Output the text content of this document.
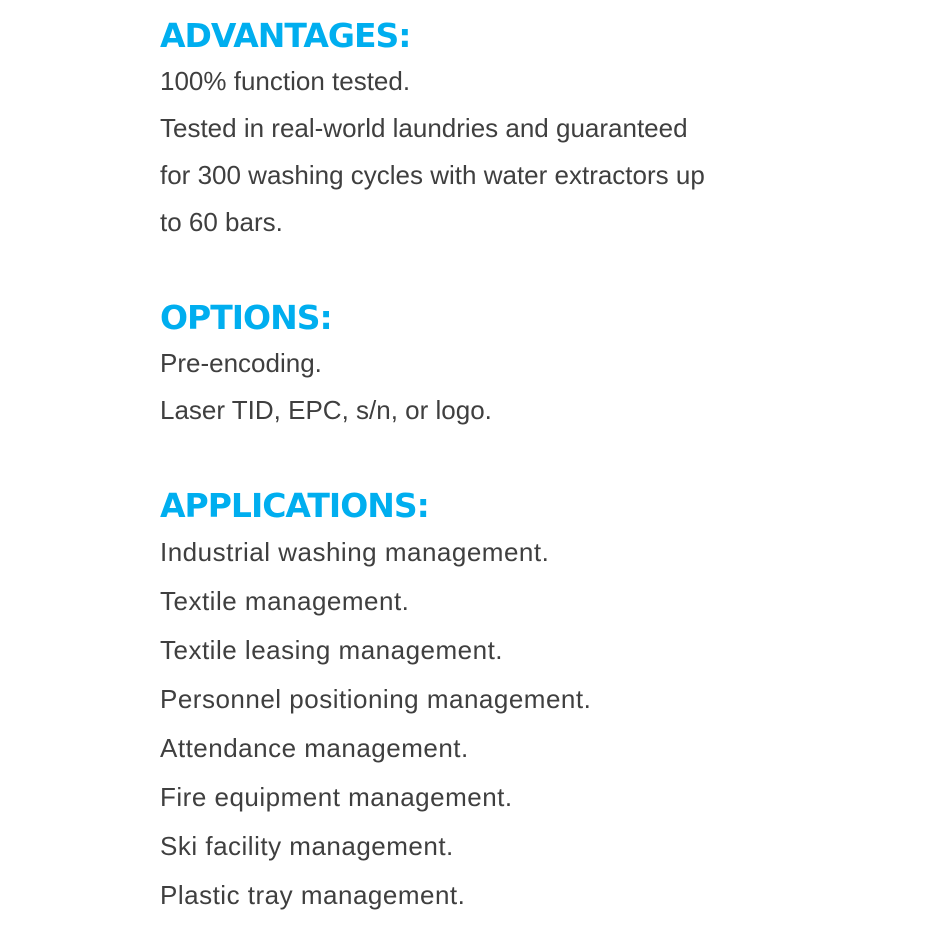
ADVANTAGES:

100% function tested.

Tested in real-world laundries and guaranteed

for 300 washing cycles with water extractors up

to 60 bars.

OPTIONS:

Pre-encoding.

Laser TID, EPC, s/n, or logo.

APPLICATIONS:

Industrial washing management.

Textile management.

Textile leasing management.

Personnel positioning management.

Attendance management.

Fire equipment management.

Ski facility management.

Plastic tray management.
